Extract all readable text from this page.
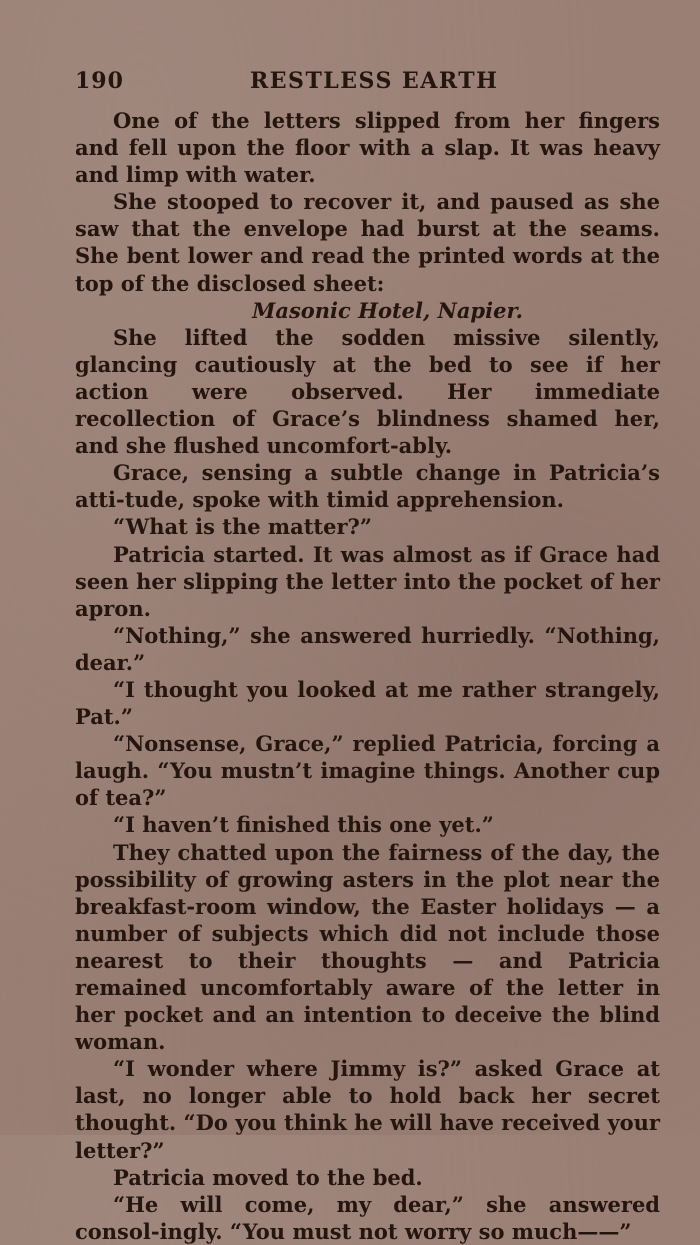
190	RESTLESS EARTH

One of the letters slipped from her fingers and fell upon the floor with a slap. It was heavy and limp with water.

She stooped to recover it, and paused as she saw that the envelope had burst at the seams. She bent lower and read the printed words at the top of the disclosed sheet:

Masonic Hotel, Napier.

She lifted the sodden missive silently, glancing cautiously at the bed to see if her action were observed. Her immediate recollection of Grace’s blindness shamed her, and she flushed uncomfort-ably.

Grace, sensing a subtle change in Patricia’s atti-tude, spoke with timid apprehension.

“What is the matter?”

Patricia started. It was almost as if Grace had seen her slipping the letter into the pocket of her apron.

“Nothing,” she answered hurriedly. “Nothing, dear.”

“I thought you looked at me rather strangely, Pat.”

“Nonsense, Grace,” replied Patricia, forcing a laugh. “You mustn’t imagine things. Another cup of tea?”

“I haven’t finished this one yet.”

They chatted upon the fairness of the day, the possibility of growing asters in the plot near the breakfast-room window, the Easter holidays — a number of subjects which did not include those nearest to their thoughts — and Patricia remained uncomfortably aware of the letter in her pocket and an intention to deceive the blind woman.

“I wonder where Jimmy is?” asked Grace at last, no longer able to hold back her secret thought. “Do you think he will have received your letter?”

Patricia moved to the bed.

“He will come, my dear,” she answered consol-ingly. “You must not worry so much——”
